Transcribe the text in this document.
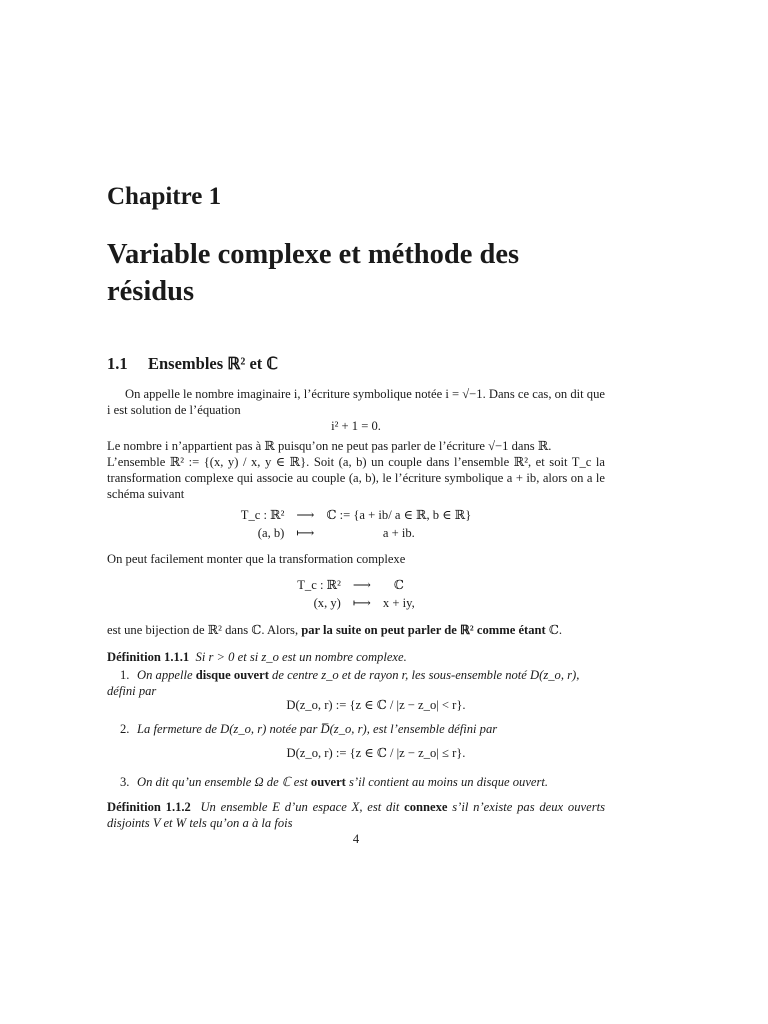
Chapitre 1
Variable complexe et méthode des résidus
1.1 Ensembles ℝ² et ℂ
On appelle le nombre imaginaire i, l’écriture symbolique notée i = √−1. Dans ce cas, on dit que i est solution de l’équation
i² + 1 = 0.
Le nombre i n’appartient pas à ℝ puisqu’on ne peut pas parler de l’écriture √−1 dans ℝ.
L’ensemble ℝ² := {(x, y) / x, y ∈ ℝ}. Soit (a, b) un couple dans l’ensemble ℝ², et soit T_c la transformation complexe qui associe au couple (a, b), le l’écriture symbolique a + ib, alors on a le schéma suivant
T_c : ℝ²	⟶	ℂ := {a + ib/ a ∈ ℝ, b ∈ ℝ}
(a, b)	⟼	a + ib.
On peut facilement monter que la transformation complexe
T_c : ℝ²	⟶	ℂ
(x, y)	⟼	x + iy,
est une bijection de ℝ² dans ℂ. Alors, par la suite on peut parler de ℝ² comme étant ℂ.
Définition 1.1.1 Si r > 0 et si z_o est un nombre complexe.
1. On appelle disque ouvert de centre z_o et de rayon r, les sous-ensemble noté D(z_o, r), défini par
D(z_o, r) := {z ∈ ℂ / |z − z_o| < r}.
2. La fermeture de D(z_o, r) notée par D̅(z_o, r), est l’ensemble défini par
D(z_o, r) := {z ∈ ℂ / |z − z_o| ≤ r}.
3. On dit qu’un ensemble Ω de ℂ est ouvert s’il contient au moins un disque ouvert.
Définition 1.1.2 Un ensemble E d’un espace X, est dit connexe s’il n’existe pas deux ouverts disjoints V et W tels qu’on a à la fois
4
